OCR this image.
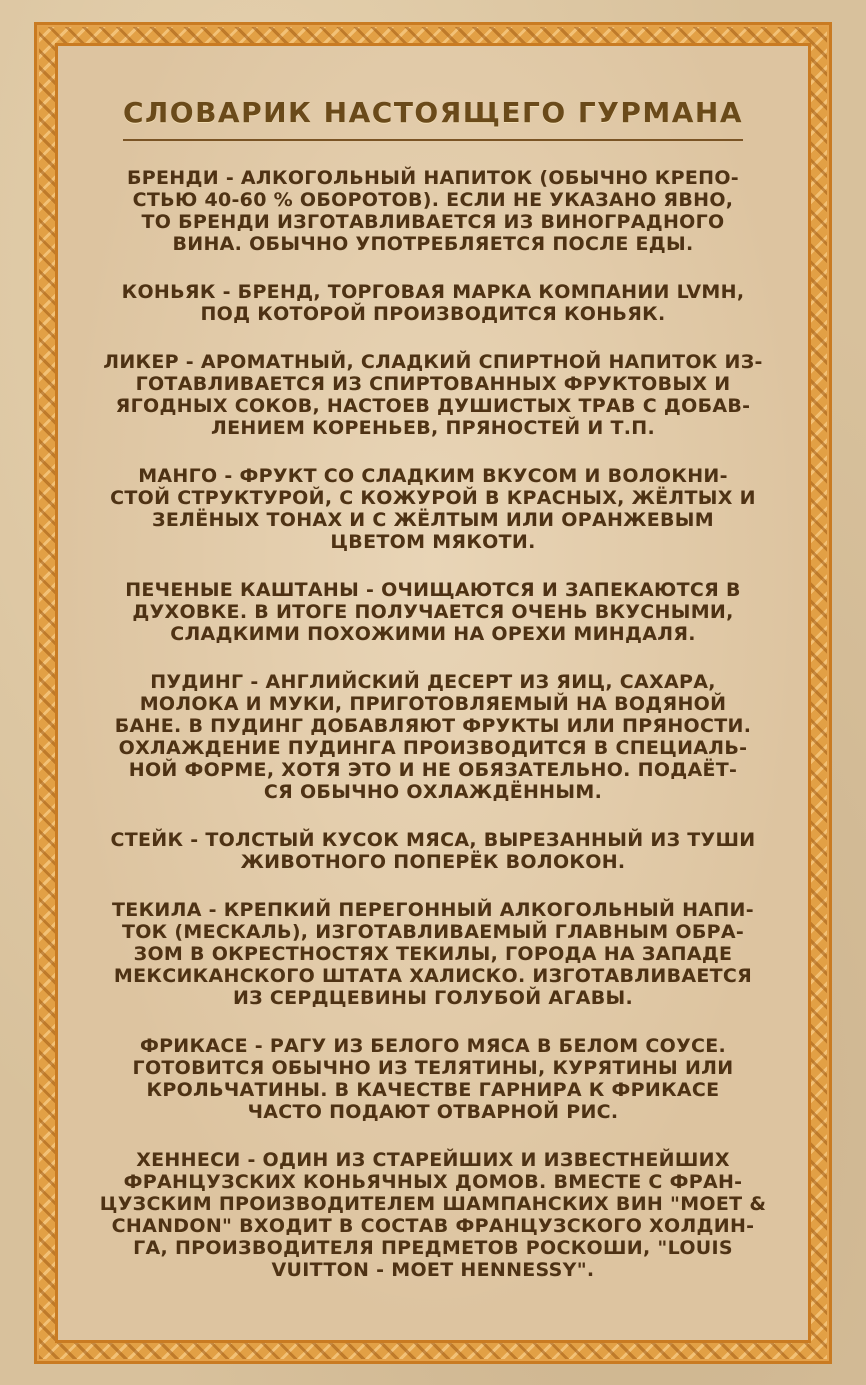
СЛОВАРИК НАСТОЯЩЕГО ГУРМАНА
БРЕНДИ - АЛКОГОЛЬНЫЙ НАПИТОК (ОБЫЧНО КРЕПО-
СТЬЮ 40-60 % ОБОРОТОВ). ЕСЛИ НЕ УКАЗАНО ЯВНО,
ТО БРЕНДИ ИЗГОТАВЛИВАЕТСЯ ИЗ ВИНОГРАДНОГО
ВИНА. ОБЫЧНО УПОТРЕБЛЯЕТСЯ ПОСЛЕ ЕДЫ.
КОНЬЯК - БРЕНД, ТОРГОВАЯ МАРКА КОМПАНИИ LVMH,
ПОД КОТОРОЙ ПРОИЗВОДИТСЯ КОНЬЯК.
ЛИКЕР - АРОМАТНЫЙ, СЛАДКИЙ СПИРТНОЙ НАПИТОК ИЗ-
ГОТАВЛИВАЕТСЯ ИЗ СПИРТОВАННЫХ ФРУКТОВЫХ И
ЯГОДНЫХ СОКОВ, НАСТОЕВ ДУШИСТЫХ ТРАВ С ДОБАВ-
ЛЕНИЕМ КОРЕНЬЕВ, ПРЯНОСТЕЙ И Т.П.
МАНГО - ФРУКТ СО СЛАДКИМ ВКУСОМ И ВОЛОКНИ-
СТОЙ СТРУКТУРОЙ, С КОЖУРОЙ В КРАСНЫХ, ЖЁЛТЫХ И
ЗЕЛЁНЫХ ТОНАХ И С ЖЁЛТЫМ ИЛИ ОРАНЖЕВЫМ
ЦВЕТОМ МЯКОТИ.
ПЕЧЕНЫЕ КАШТАНЫ - ОЧИЩАЮТСЯ И ЗАПЕКАЮТСЯ В
ДУХОВКЕ. В ИТОГЕ ПОЛУЧАЕТСЯ ОЧЕНЬ ВКУСНЫМИ,
СЛАДКИМИ ПОХОЖИМИ НА ОРЕХИ МИНДАЛЯ.
ПУДИНГ - АНГЛИЙСКИЙ ДЕСЕРТ ИЗ ЯИЦ, САХАРА,
МОЛОКА И МУКИ, ПРИГОТОВЛЯЕМЫЙ НА ВОДЯНОЙ
БАНЕ. В ПУДИНГ ДОБАВЛЯЮТ ФРУКТЫ ИЛИ ПРЯНОСТИ.
ОХЛАЖДЕНИЕ ПУДИНГА ПРОИЗВОДИТСЯ В СПЕЦИАЛЬ-
НОЙ ФОРМЕ, ХОТЯ ЭТО И НЕ ОБЯЗАТЕЛЬНО. ПОДАЁТ-
СЯ ОБЫЧНО ОХЛАЖДЁННЫМ.
СТЕЙК - ТОЛСТЫЙ КУСОК МЯСА, ВЫРЕЗАННЫЙ ИЗ ТУШИ
ЖИВОТНОГО ПОПЕРЁК ВОЛОКОН.
ТЕКИЛА - КРЕПКИЙ ПЕРЕГОННЫЙ АЛКОГОЛЬНЫЙ НАПИ-
ТОК (МЕСКАЛЬ), ИЗГОТАВЛИВАЕМЫЙ ГЛАВНЫМ ОБРА-
ЗОМ В ОКРЕСТНОСТЯХ ТЕКИЛЫ, ГОРОДА НА ЗАПАДЕ
МЕКСИКАНСКОГО ШТАТА ХАЛИСКО. ИЗГОТАВЛИВАЕТСЯ
ИЗ СЕРДЦЕВИНЫ ГОЛУБОЙ АГАВЫ.
ФРИКАСЕ - РАГУ ИЗ БЕЛОГО МЯСА В БЕЛОМ СОУСЕ.
ГОТОВИТСЯ ОБЫЧНО ИЗ ТЕЛЯТИНЫ, КУРЯТИНЫ ИЛИ
КРОЛЬЧАТИНЫ. В КАЧЕСТВЕ ГАРНИРА К ФРИКАСЕ
ЧАСТО ПОДАЮТ ОТВАРНОЙ РИС.
ХЕННЕСИ - ОДИН ИЗ СТАРЕЙШИХ И ИЗВЕСТНЕЙШИХ
ФРАНЦУЗСКИХ КОНЬЯЧНЫХ ДОМОВ. ВМЕСТЕ С ФРАН-
ЦУЗСКИМ ПРОИЗВОДИТЕЛЕМ ШАМПАНСКИХ ВИН "МОЕТ &
CHANDON" ВХОДИТ В СОСТАВ ФРАНЦУЗСКОГО ХОЛДИН-
ГА, ПРОИЗВОДИТЕЛЯ ПРЕДМЕТОВ РОСКОШИ, "LOUIS
VUITTON - МОЕТ HENNESSY".
